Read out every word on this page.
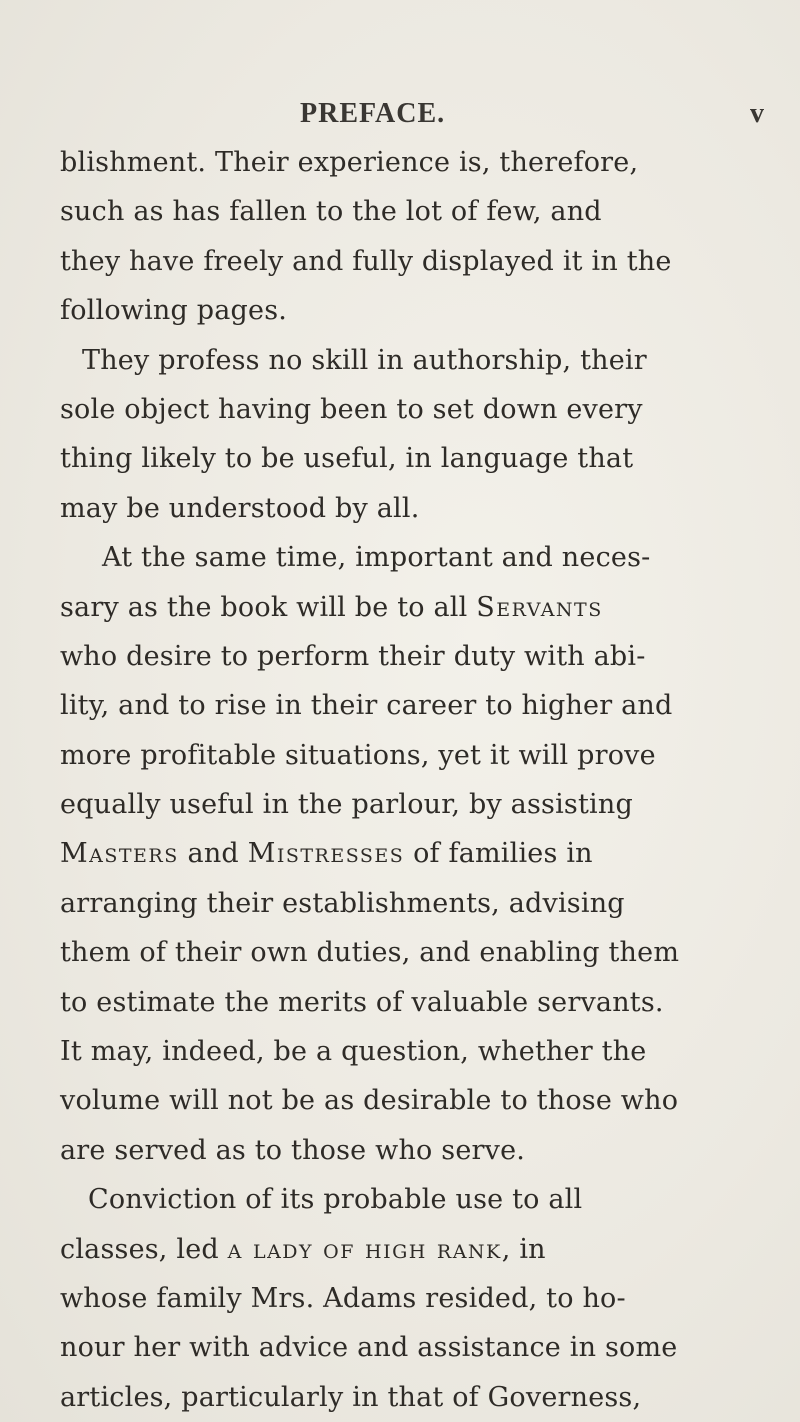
PREFACE.	v
blishment. Their experience is, therefore,
such as has fallen to the lot of few, and
they have freely and fully displayed it in the
following pages.
They profess no skill in authorship, their
sole object having been to set down every
thing likely to be useful, in language that
may be understood by all.
At the same time, important and neces-
sary as the book will be to all Servants
who desire to perform their duty with abi-
lity, and to rise in their career to higher and
more profitable situations, yet it will prove
equally useful in the parlour, by assisting
Masters and Mistresses of families in
arranging their establishments, advising
them of their own duties, and enabling them
to estimate the merits of valuable servants.
It may, indeed, be a question, whether the
volume will not be as desirable to those who
are served as to those who serve.
Conviction of its probable use to all
classes, led a lady of high rank, in
whose family Mrs. Adams resided, to ho-
nour her with advice and assistance in some
articles, particularly in that of Governess,
